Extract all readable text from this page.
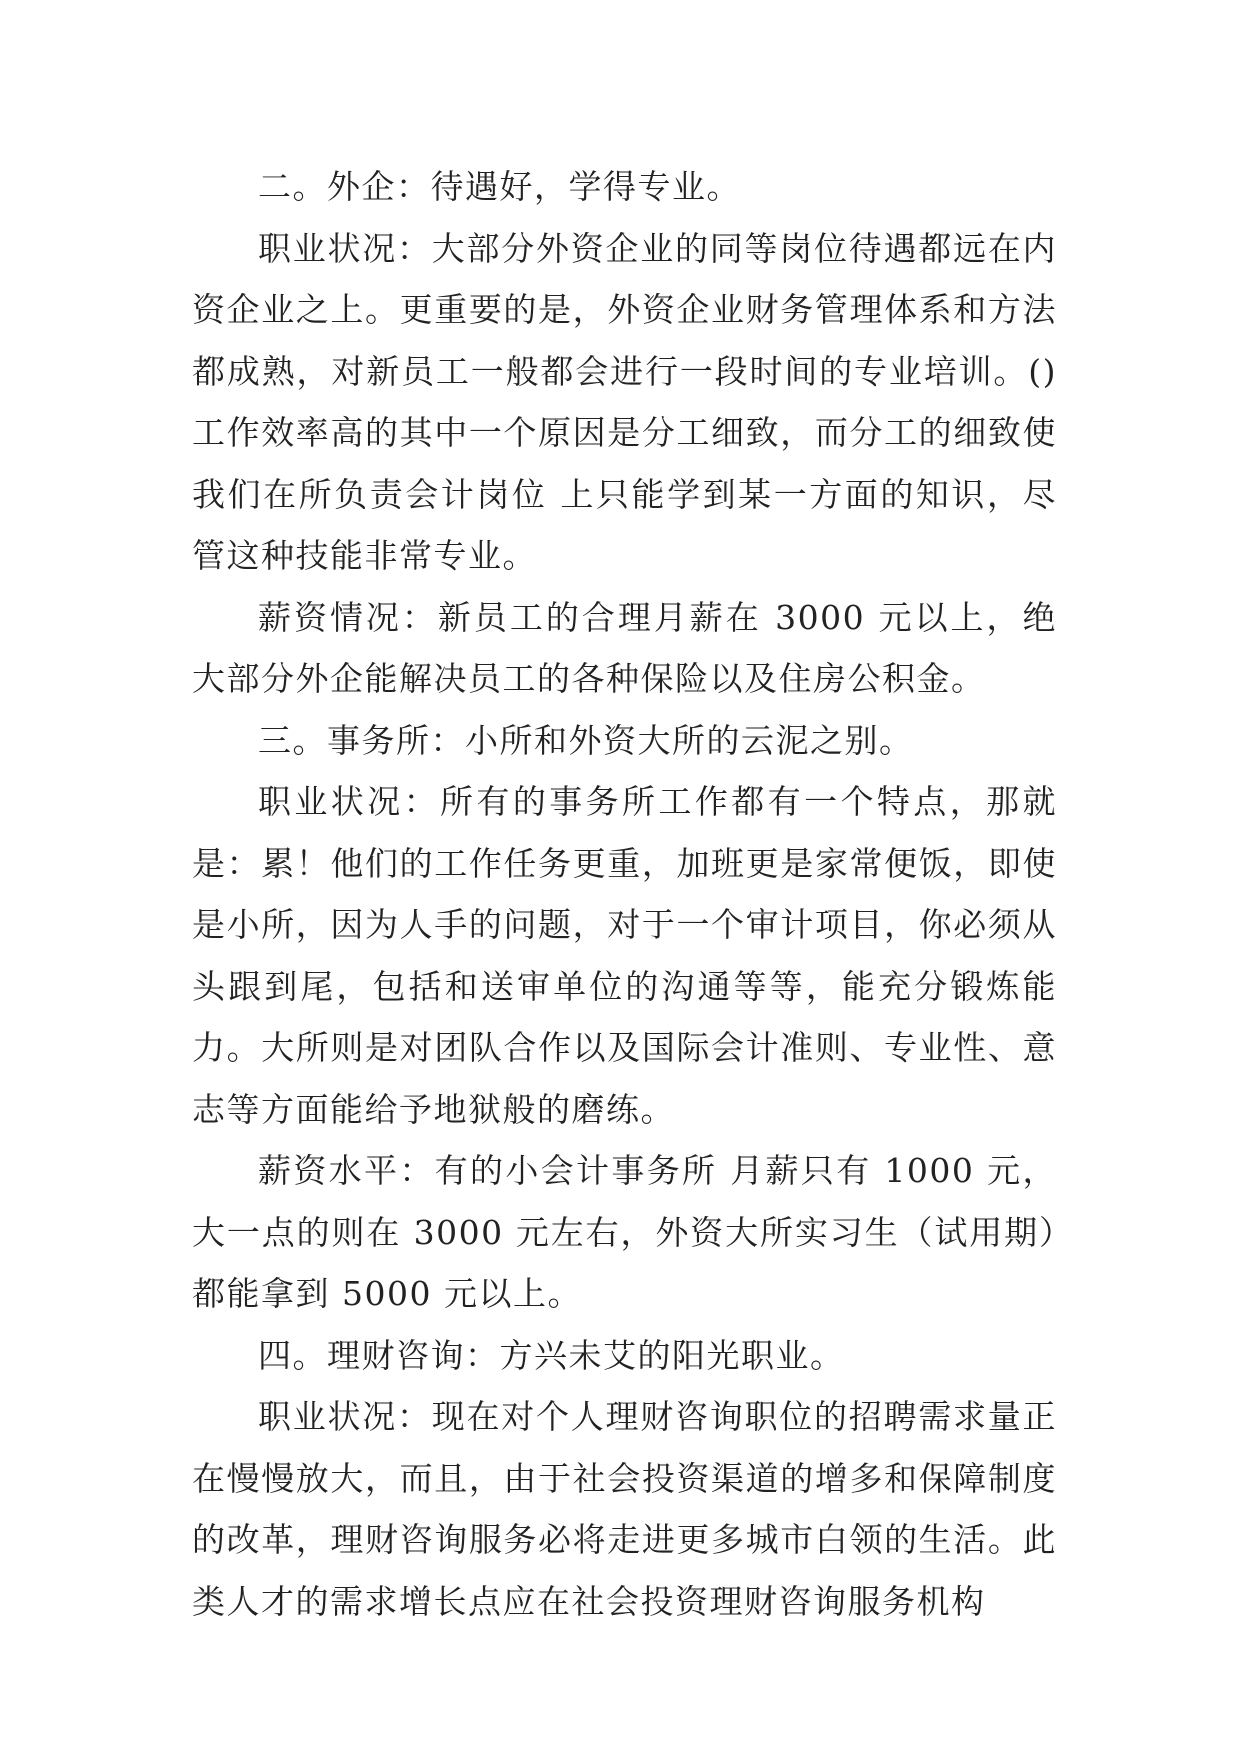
二。外企：待遇好，学得专业。

职业状况：大部分外资企业的同等岗位待遇都远在内资企业之上。更重要的是，外资企业财务管理体系和方法都成熟，对新员工一般都会进行一段时间的专业培训。()工作效率高的其中一个原因是分工细致，而分工的细致使我们在所负责会计岗位 上只能学到某一方面的知识，尽管这种技能非常专业。

薪资情况：新员工的合理月薪在 3000 元以上，绝大部分外企能解决员工的各种保险以及住房公积金。

三。事务所：小所和外资大所的云泥之别。

职业状况：所有的事务所工作都有一个特点，那就是：累！他们的工作任务更重，加班更是家常便饭，即使是小所，因为人手的问题，对于一个审计项目，你必须从头跟到尾，包括和送审单位的沟通等等，能充分锻炼能力。大所则是对团队合作以及国际会计准则、专业性、意志等方面能给予地狱般的磨练。

薪资水平：有的小会计事务所 月薪只有 1000 元，大一点的则在 3000 元左右，外资大所实习生（试用期）都能拿到 5000 元以上。

四。理财咨询：方兴未艾的阳光职业。

职业状况：现在对个人理财咨询职位的招聘需求量正在慢慢放大，而且，由于社会投资渠道的增多和保障制度的改革，理财咨询服务必将走进更多城市白领的生活。此类人才的需求增长点应在社会投资理财咨询服务机构
